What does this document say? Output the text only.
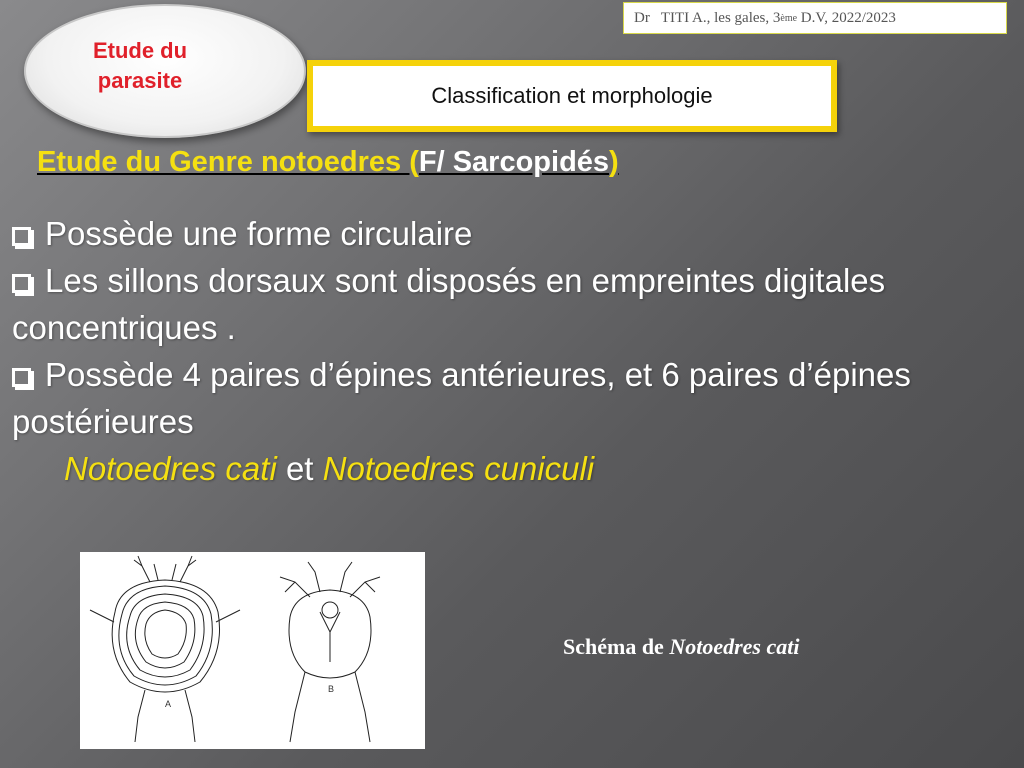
Dr   TITI A., les gales, 3 ème D.V, 2022/2023
Etude du parasite
Classification et morphologie
Etude du Genre notoedres (F/ Sarcopidés)
Possède une forme circulaire
Les sillons dorsaux sont disposés en empreintes digitales concentriques .
Possède 4 paires d’épines antérieures, et 6 paires d’épines postérieures
Notoedres cati et Notoedres cuniculi
A
B
Schéma de Notoedres cati
